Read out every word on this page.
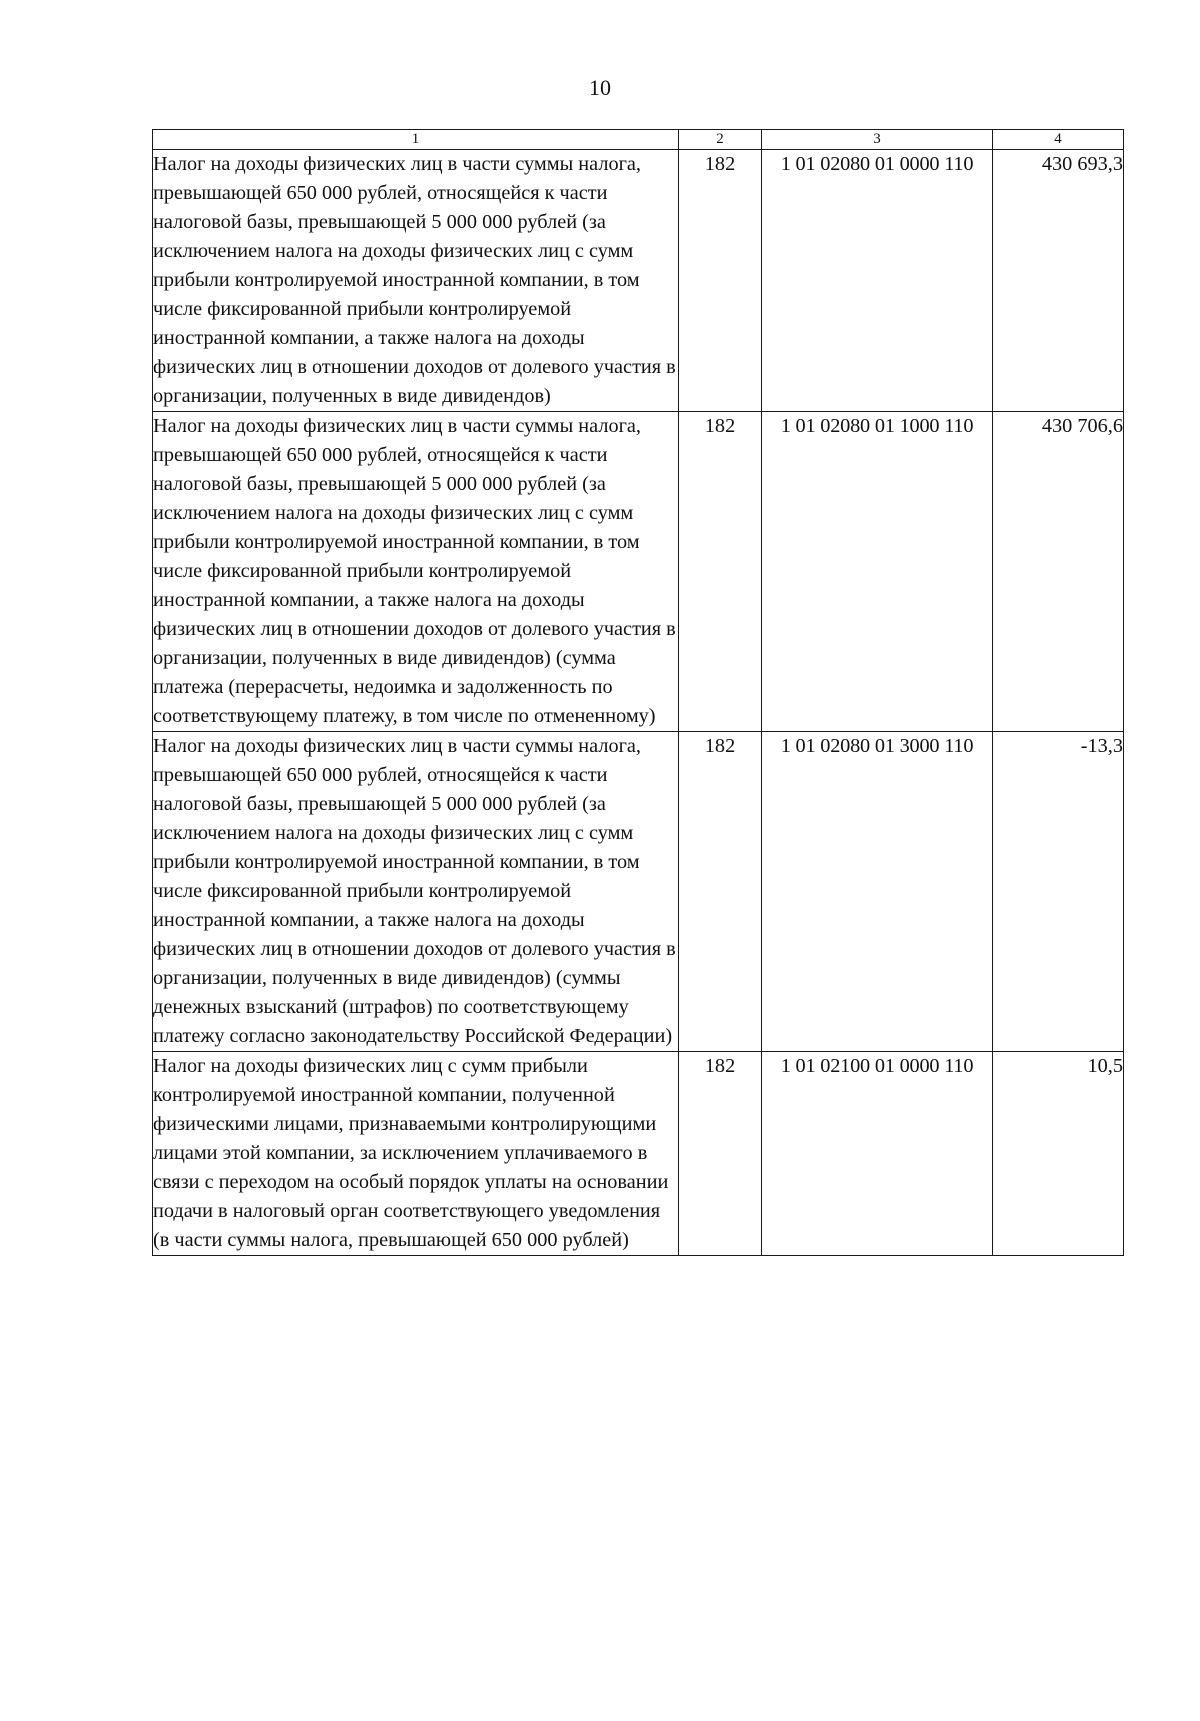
10
1	2	3	4
Налог на доходы физических лиц в части суммы налога, превышающей 650 000 рублей, относящейся к части налоговой базы, превышающей 5 000 000 рублей (за исключением налога на доходы физических лиц с сумм прибыли контролируемой иностранной компании, в том числе фиксированной прибыли контролируемой иностранной компании, а также налога на доходы физических лиц в отношении доходов от долевого участия в организации, полученных в виде дивидендов)	182	1 01 02080 01 0000 110	430 693,3
Налог на доходы физических лиц в части суммы налога, превышающей 650 000 рублей, относящейся к части налоговой базы, превышающей 5 000 000 рублей (за исключением налога на доходы физических лиц с сумм прибыли контролируемой иностранной компании, в том числе фиксированной прибыли контролируемой иностранной компании, а также налога на доходы физических лиц в отношении доходов от долевого участия в организации, полученных в виде дивидендов) (сумма платежа (перерасчеты, недоимка и задолженность по соответствующему платежу, в том числе по отмененному)	182	1 01 02080 01 1000 110	430 706,6
Налог на доходы физических лиц в части суммы налога, превышающей 650 000 рублей, относящейся к части налоговой базы, превышающей 5 000 000 рублей (за исключением налога на доходы физических лиц с сумм прибыли контролируемой иностранной компании, в том числе фиксированной прибыли контролируемой иностранной компании, а также налога на доходы физических лиц в отношении доходов от долевого участия в организации, полученных в виде дивидендов) (суммы денежных взысканий (штрафов) по соответствующему платежу согласно законодательству Российской Федерации)	182	1 01 02080 01 3000 110	-13,3
Налог на доходы физических лиц с сумм прибыли контролируемой иностранной компании, полученной физическими лицами, признаваемыми контролирующими лицами этой компании, за исключением уплачиваемого в связи с переходом на особый порядок уплаты на основании подачи в налоговый орган соответствующего уведомления (в части суммы налога, превышающей 650 000 рублей)	182	1 01 02100 01 0000 110	10,5
